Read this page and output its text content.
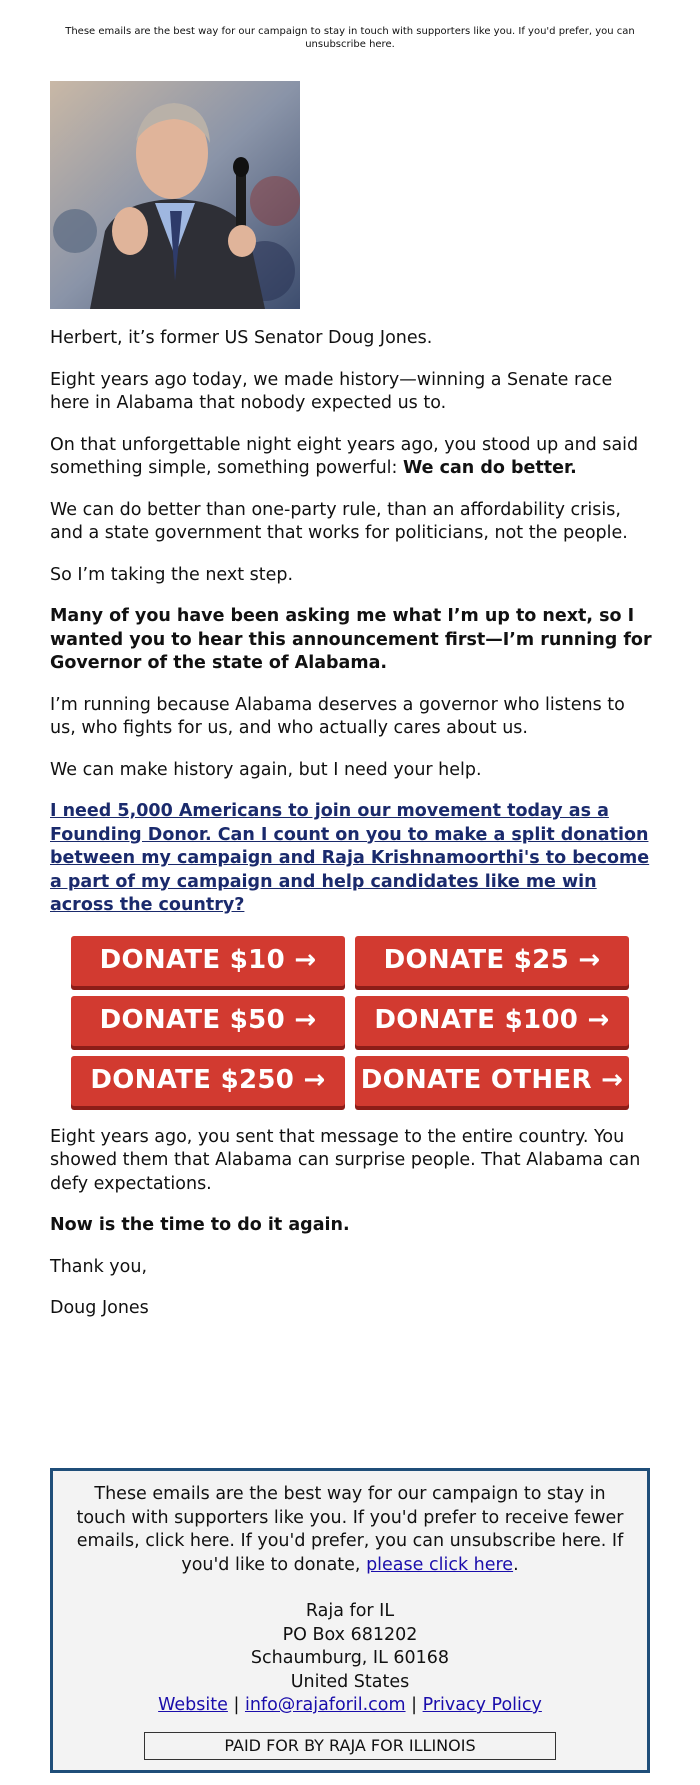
These emails are the best way for our campaign to stay in touch with supporters like you. If you'd prefer, you can unsubscribe here.

Herbert, it’s former US Senator Doug Jones.

Eight years ago today, we made history—winning a Senate race here in Alabama that nobody expected us to.

On that unforgettable night eight years ago, you stood up and said something simple, something powerful: We can do better.

We can do better than one-party rule, than an affordability crisis, and a state government that works for politicians, not the people.

So I’m taking the next step.

Many of you have been asking me what I’m up to next, so I wanted you to hear this announcement first—I’m running for Governor of the state of Alabama.

I’m running because Alabama deserves a governor who listens to us, who fights for us, and who actually cares about us.

We can make history again, but I need your help.

I need 5,000 Americans to join our movement today as a Founding Donor. Can I count on you to make a split donation between my campaign and Raja Krishnamoorthi's to become a part of my campaign and help candidates like me win across the country?

DONATE $10 →	DONATE $25 →
DONATE $50 →	DONATE $100 →
DONATE $250 →	DONATE OTHER →

Eight years ago, you sent that message to the entire country. You showed them that Alabama can surprise people. That Alabama can defy expectations.

Now is the time to do it again.

Thank you,

Doug Jones

These emails are the best way for our campaign to stay in touch with supporters like you. If you'd prefer to receive fewer emails, click here. If you'd prefer, you can unsubscribe here. If you'd like to donate, please click here.
Raja for IL
PO Box 681202
Schaumburg, IL 60168
United States
Website | info@rajaforil.com | Privacy Policy
PAID FOR BY RAJA FOR ILLINOIS
